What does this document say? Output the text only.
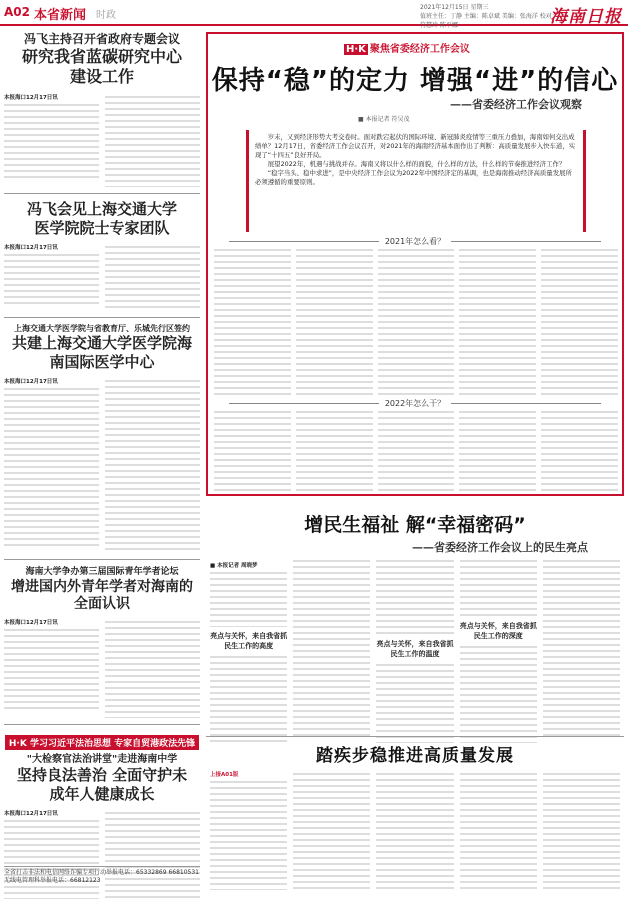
A02 本省新闻 时政
2021年12月15日 星期三
值班主任：丁静 主编：陈卓斌 美编：张海洋 校对：符慧玲 陈平娜	海南日报
冯飞主持召开省政府专题会议
研究我省蓝碳研究中心建设工作
本报海口12月17日讯
冯飞会见上海交通大学医学院院士专家团队
本报海口12月17日讯
上海交通大学医学院与省教育厅、乐城先行区签约
共建上海交通大学医学院海南国际医学中心
本报海口12月17日讯
海南大学争办第三届国际青年学者论坛
增进国内外青年学者对海南的全面认识
本报海口12月17日讯
H·K 学习习近平法治思想 专家自贸港政法先锋
"大检察官法治讲堂"走进海南中学
坚持良法善治 全面守护未成年人健康成长
本报海口12月17日讯
全省打击非法和电信网络诈骗专项行动举报电话：65332869 66810531 无线电管理科举报电话：66812123
H·K 聚焦省委经济工作会议
保持“稳”的定力 增强“进”的信心
——省委经济工作会议观察
■ 本报记者 符吴茂

岁末，又到经济形势大考交卷时。面对跌宕起伏的国际环境、新冠肺炎疫情等三重压力叠加，海南如何交出成绩单？12月17日，省委经济工作会议召开，对2021年的海南经济基本面作出了判断：高质量发展步入快车道，实现了“十四五”良好开局。

展望2022年，机遇与挑战并存。海南又将以什么样的面貌，什么样的方法，什么样的节奏推进经济工作？

“稳字当头、稳中求进”，是中央经济工作会议为2022年中国经济定的基调，也是海南推动经济高质量发展所必须遵循的重要原则。

2021年怎么看？
2022年怎么干？
增民生福祉 解“幸福密码”
——省委经济工作会议上的民生亮点
■ 本报记者 周晓梦
亮点与关怀，来自我省抓民生工作的高度	亮点与关怀，来自我省抓民生工作的温度
亮点与关怀，来自我省抓民生工作的深度
踏疾步稳推进高质量发展
上接A01版
